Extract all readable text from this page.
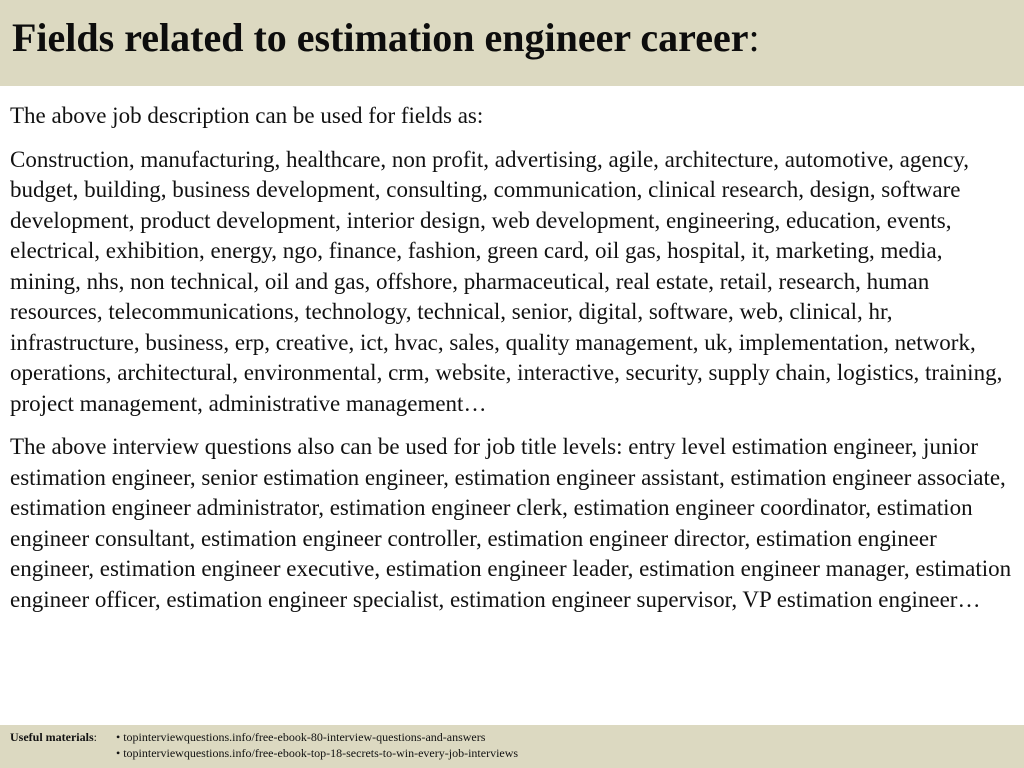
Fields related to estimation engineer career:

The above job description can be used for fields as:

Construction, manufacturing, healthcare, non profit, advertising, agile, architecture, automotive, agency, budget, building, business development, consulting, communication, clinical research, design, software development, product development, interior design, web development, engineering, education, events, electrical, exhibition, energy, ngo, finance, fashion, green card, oil gas, hospital, it, marketing, media, mining, nhs, non technical, oil and gas, offshore, pharmaceutical, real estate, retail, research, human resources, telecommunications, technology, technical, senior, digital, software, web, clinical, hr, infrastructure, business, erp, creative, ict, hvac, sales, quality management, uk, implementation, network, operations, architectural, environmental, crm, website, interactive, security, supply chain, logistics, training, project management, administrative management…

The above interview questions also can be used for job title levels: entry level estimation engineer, junior estimation engineer, senior estimation engineer, estimation engineer assistant, estimation engineer associate, estimation engineer administrator, estimation engineer clerk, estimation engineer coordinator, estimation engineer consultant, estimation engineer controller, estimation engineer director, estimation engineer engineer, estimation engineer executive, estimation engineer leader, estimation engineer manager, estimation engineer officer, estimation engineer specialist, estimation engineer supervisor, VP estimation engineer…

Useful materials:	• topinterviewquestions.info/free-ebook-80-interview-questions-and-answers
• topinterviewquestions.info/free-ebook-top-18-secrets-to-win-every-job-interviews
